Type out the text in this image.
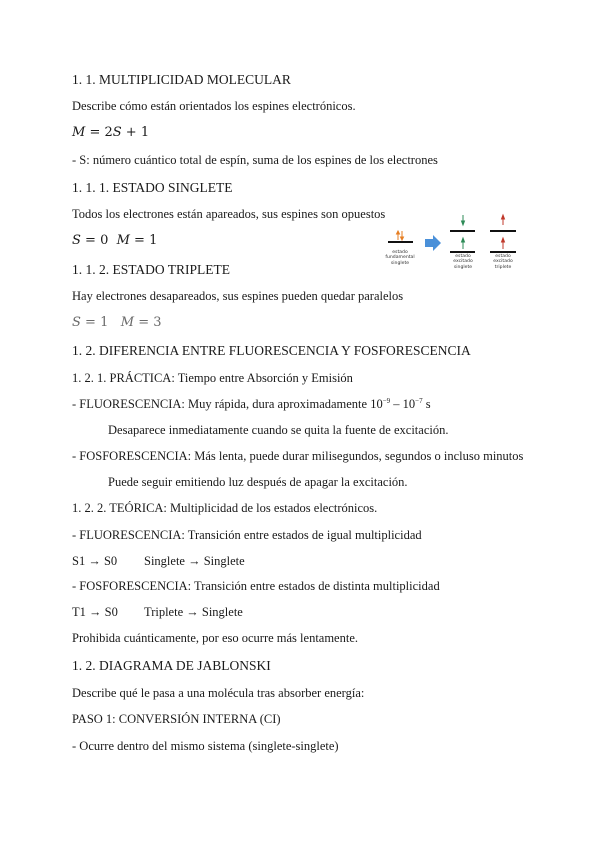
1. 1. MULTIPLICIDAD MOLECULAR
Describe cómo están orientados los espines electrónicos.
M = 2S + 1
- S: número cuántico total de espín, suma de los espines de los electrones
1. 1. 1. ESTADO SINGLETE
Todos los electrones están apareados, sus espines son opuestos
S = 0 M = 1
1. 1. 2. ESTADO TRIPLETE
Hay electrones desapareados, sus espines pueden quedar paralelos
S = 1 M = 3
1. 2. DIFERENCIA ENTRE FLUORESCENCIA Y FOSFORESCENCIA
1. 2. 1. PRÁCTICA: Tiempo entre Absorción y Emisión
- FLUORESCENCIA: Muy rápida, dura aproximadamente $10^{-9} - 10^{-7}$ s
Desaparece inmediatamente cuando se quita la fuente de excitación.
- FOSFORESCENCIA: Más lenta, puede durar milisegundos, segundos o incluso minutos
Puede seguir emitiendo luz después de apagar la excitación.
1. 2. 2. TEÓRICA: Multiplicidad de los estados electrónicos.
- FLUORESCENCIA: Transición entre estados de igual multiplicidad
S1 → S0 Singlete → Singlete
- FOSFORESCENCIA: Transición entre estados de distinta multiplicidad
T1 → S0 Triplete → Singlete
Prohibida cuánticamente, por eso ocurre más lentamente.
1. 2. DIAGRAMA DE JABLONSKI
Describe qué le pasa a una molécula tras absorber energía:
PASO 1: CONVERSIÓN INTERNA (CI)
- Ocurre dentro del mismo sistema (singlete-singlete)
estado
fundamental
singlete
estado
excitado
singlete
estado
excitado
triplete
